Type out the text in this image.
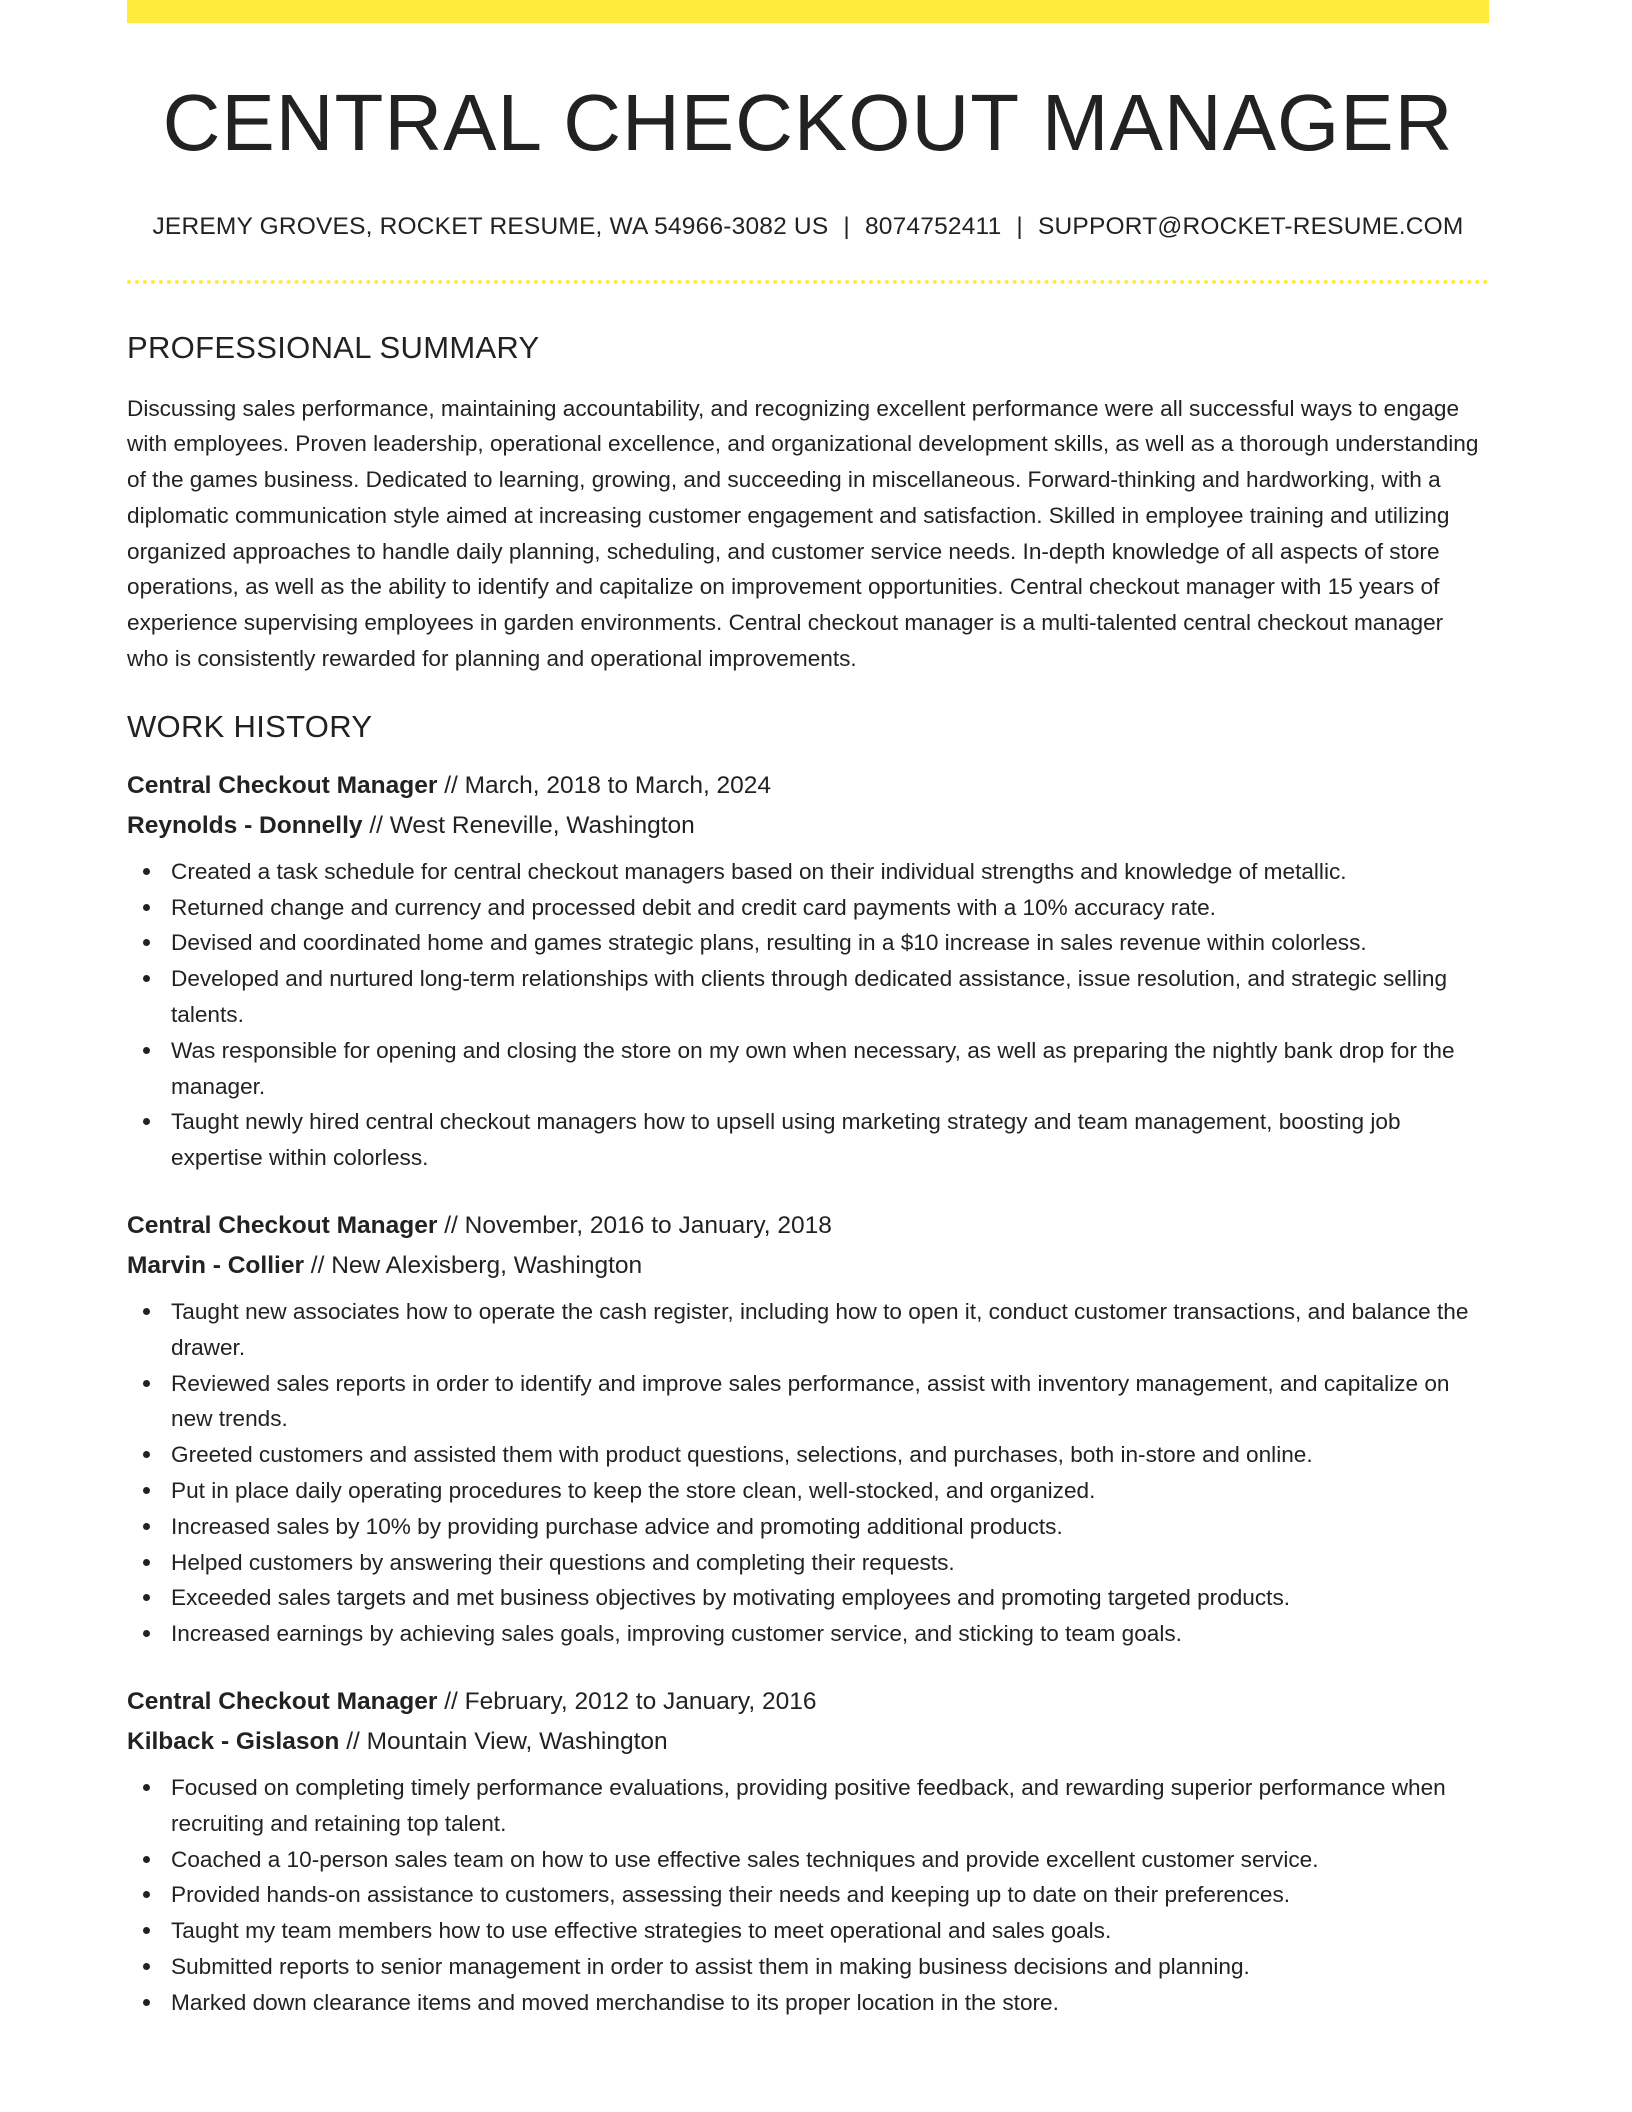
CENTRAL CHECKOUT MANAGER
JEREMY GROVES, ROCKET RESUME, WA 54966-3082 US | 8074752411 | SUPPORT@ROCKET-RESUME.COM
PROFESSIONAL SUMMARY

Discussing sales performance, maintaining accountability, and recognizing excellent performance were all successful ways to engage with employees. Proven leadership, operational excellence, and organizational development skills, as well as a thorough understanding of the games business. Dedicated to learning, growing, and succeeding in miscellaneous. Forward-thinking and hardworking, with a diplomatic communication style aimed at increasing customer engagement and satisfaction. Skilled in employee training and utilizing organized approaches to handle daily planning, scheduling, and customer service needs. In-depth knowledge of all aspects of store operations, as well as the ability to identify and capitalize on improvement opportunities. Central checkout manager with 15 years of experience supervising employees in garden environments. Central checkout manager is a multi-talented central checkout manager who is consistently rewarded for planning and operational improvements.

WORK HISTORY
Central Checkout Manager // March, 2018 to March, 2024
Reynolds - Donnelly // West Reneville, Washington
Created a task schedule for central checkout managers based on their individual strengths and knowledge of metallic.
Returned change and currency and processed debit and credit card payments with a 10% accuracy rate.
Devised and coordinated home and games strategic plans, resulting in a $10 increase in sales revenue within colorless.
Developed and nurtured long-term relationships with clients through dedicated assistance, issue resolution, and strategic selling talents.
Was responsible for opening and closing the store on my own when necessary, as well as preparing the nightly bank drop for the manager.
Taught newly hired central checkout managers how to upsell using marketing strategy and team management, boosting job expertise within colorless.
Central Checkout Manager // November, 2016 to January, 2018
Marvin - Collier // New Alexisberg, Washington
Taught new associates how to operate the cash register, including how to open it, conduct customer transactions, and balance the drawer.
Reviewed sales reports in order to identify and improve sales performance, assist with inventory management, and capitalize on new trends.
Greeted customers and assisted them with product questions, selections, and purchases, both in-store and online.
Put in place daily operating procedures to keep the store clean, well-stocked, and organized.
Increased sales by 10% by providing purchase advice and promoting additional products.
Helped customers by answering their questions and completing their requests.
Exceeded sales targets and met business objectives by motivating employees and promoting targeted products.
Increased earnings by achieving sales goals, improving customer service, and sticking to team goals.
Central Checkout Manager // February, 2012 to January, 2016
Kilback - Gislason // Mountain View, Washington
Focused on completing timely performance evaluations, providing positive feedback, and rewarding superior performance when recruiting and retaining top talent.
Coached a 10-person sales team on how to use effective sales techniques and provide excellent customer service.
Provided hands-on assistance to customers, assessing their needs and keeping up to date on their preferences.
Taught my team members how to use effective strategies to meet operational and sales goals.
Submitted reports to senior management in order to assist them in making business decisions and planning.
Marked down clearance items and moved merchandise to its proper location in the store.
